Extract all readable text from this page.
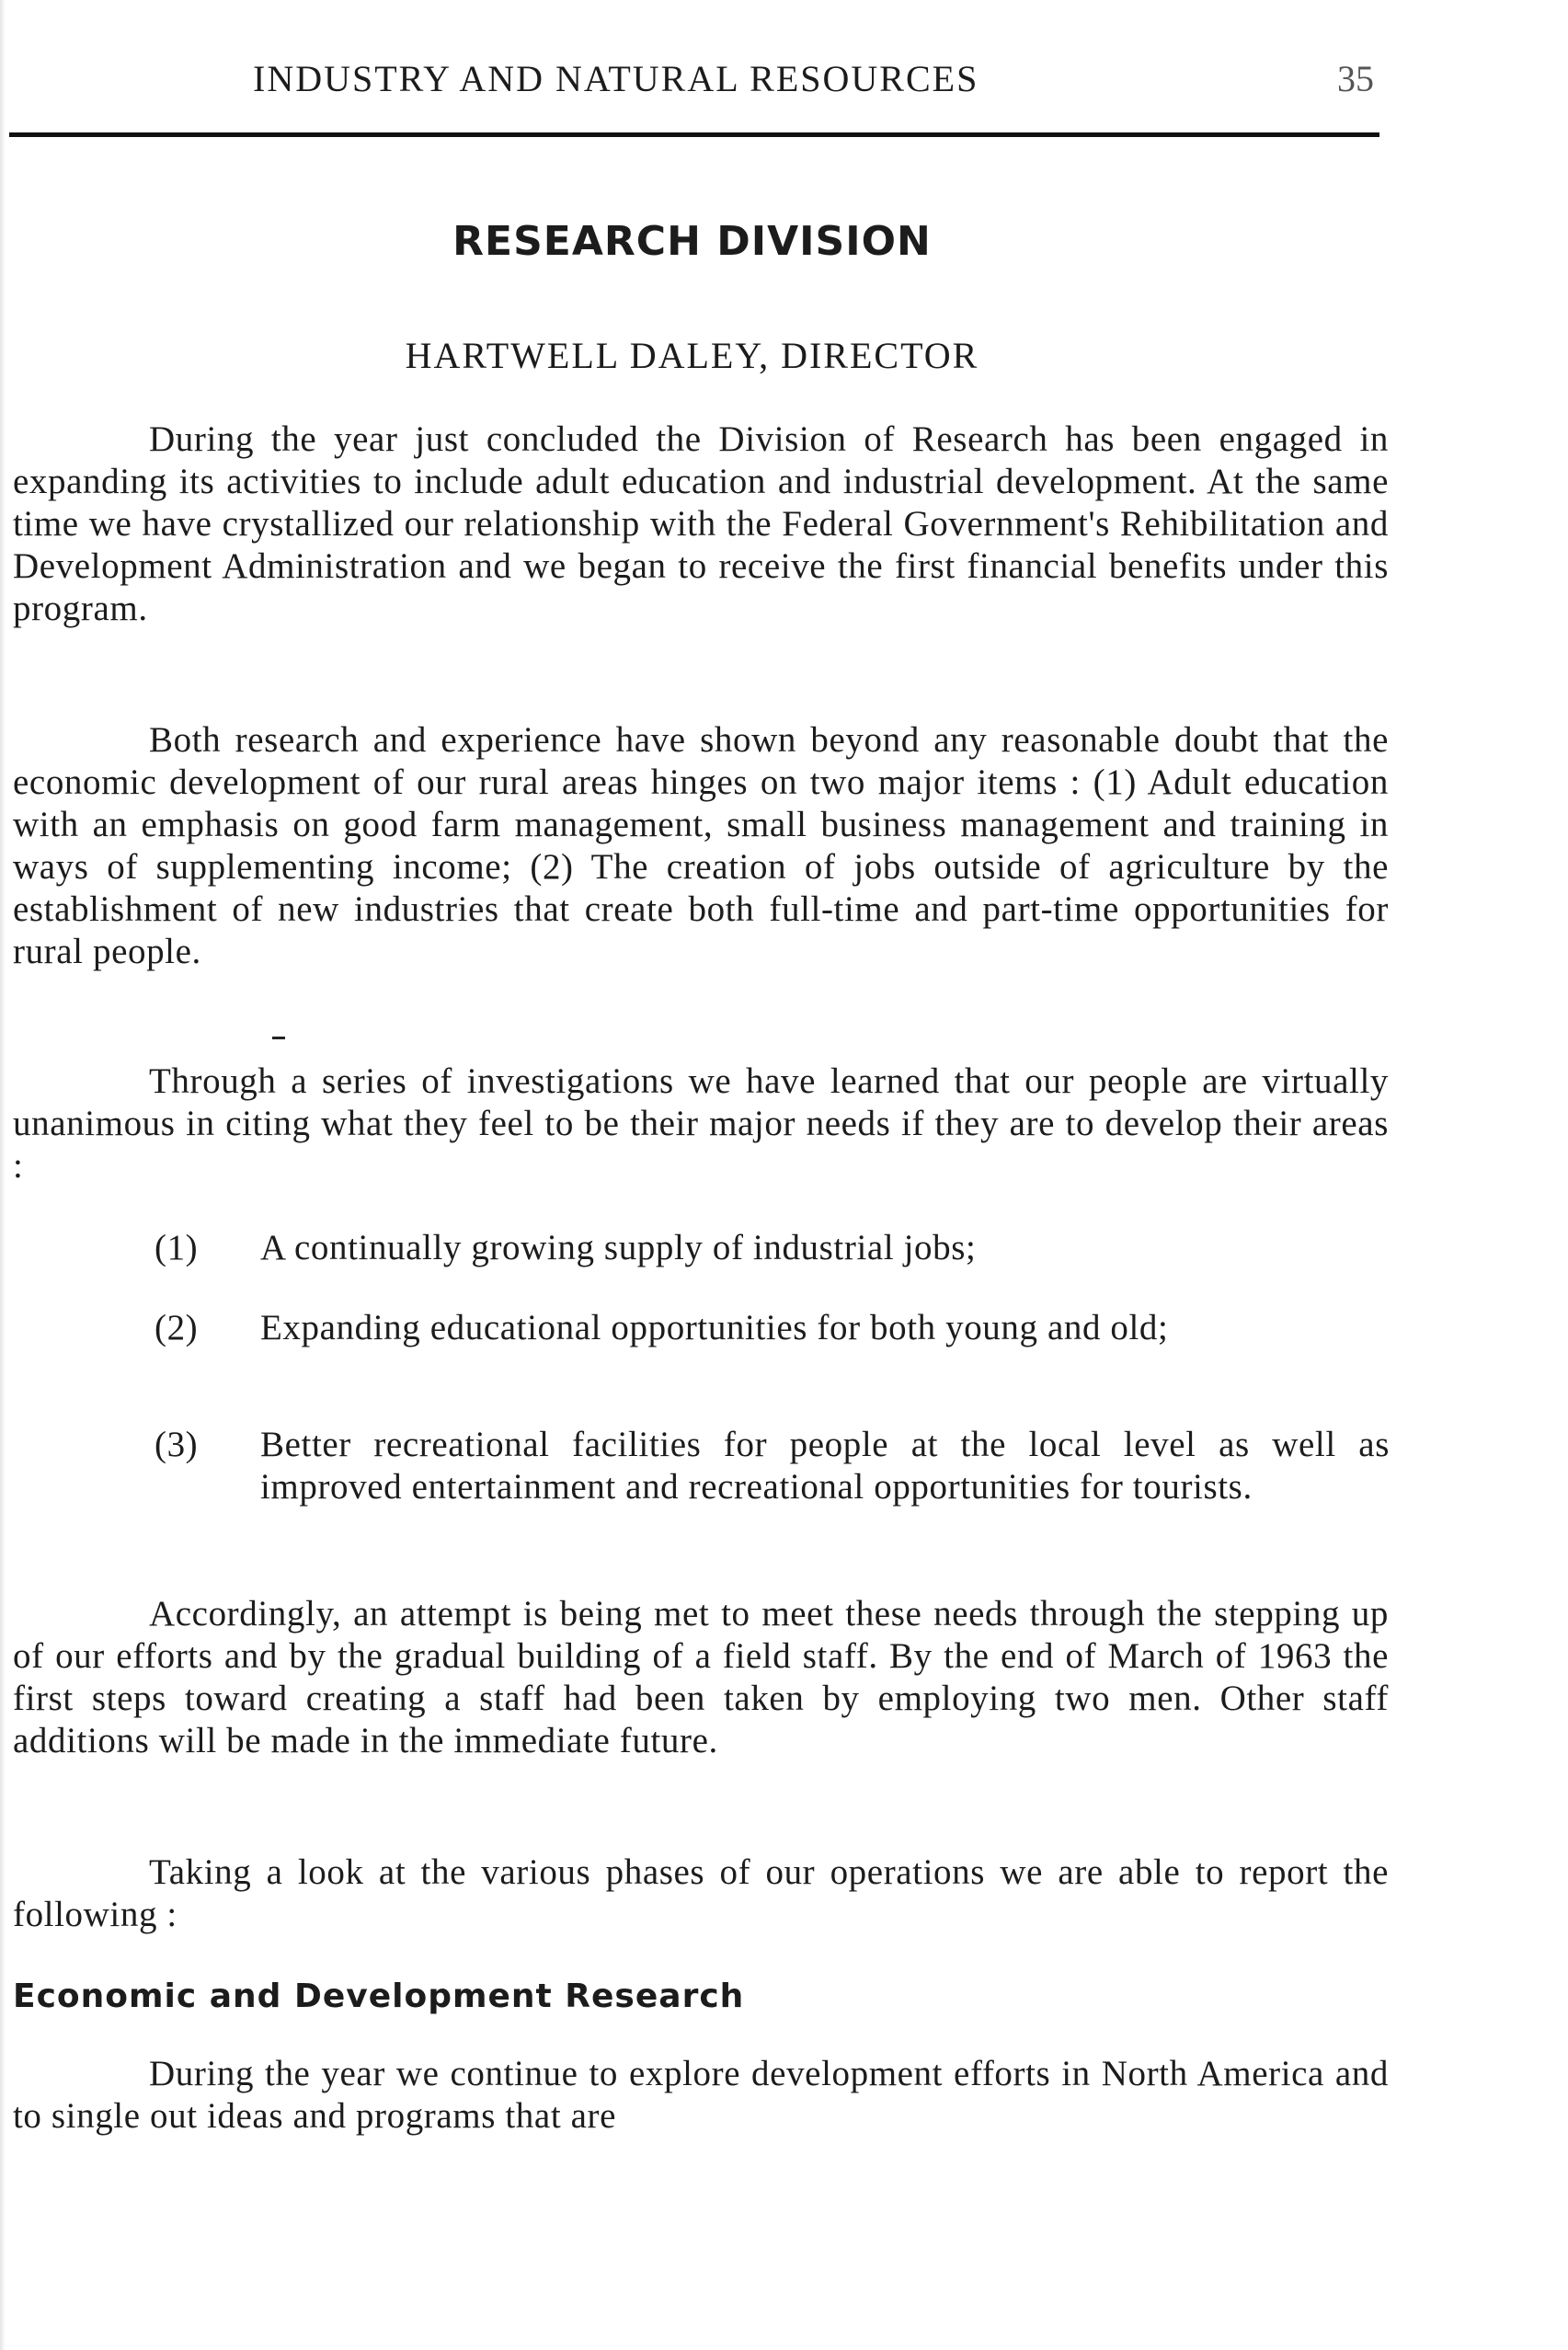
INDUSTRY AND NATURAL RESOURCES	35
RESEARCH DIVISION
HARTWELL DALEY, DIRECTOR

During the year just concluded the Division of Research has been engaged in expanding its activities to include adult education and industrial development. At the same time we have crystallized our relationship with the Federal Government's Rehibilitation and Development Administration and we began to receive the first financial benefits under this program.

Both research and experience have shown beyond any reasonable doubt that the economic development of our rural areas hinges on two major items : (1) Adult education with an emphasis on good farm management, small business management and training in ways of supplementing income; (2) The creation of jobs outside of agriculture by the establishment of new industries that create both full-time and part-time opportunities for rural people.

Through a series of investigations we have learned that our people are virtually unanimous in citing what they feel to be their major needs if they are to develop their areas :

(1)	A continually growing supply of industrial jobs;
(2)	Expanding educational opportunities for both young and old;
(3)	Better recreational facilities for people at the local level as well as improved entertainment and recreational opportunities for tourists.

Accordingly, an attempt is being met to meet these needs through the stepping up of our efforts and by the gradual building of a field staff. By the end of March of 1963 the first steps toward creating a staff had been taken by employing two men. Other staff additions will be made in the immediate future.

Taking a look at the various phases of our operations we are able to report the following :

Economic and Development Research

During the year we continue to explore development efforts in North America and to single out ideas and programs that are
